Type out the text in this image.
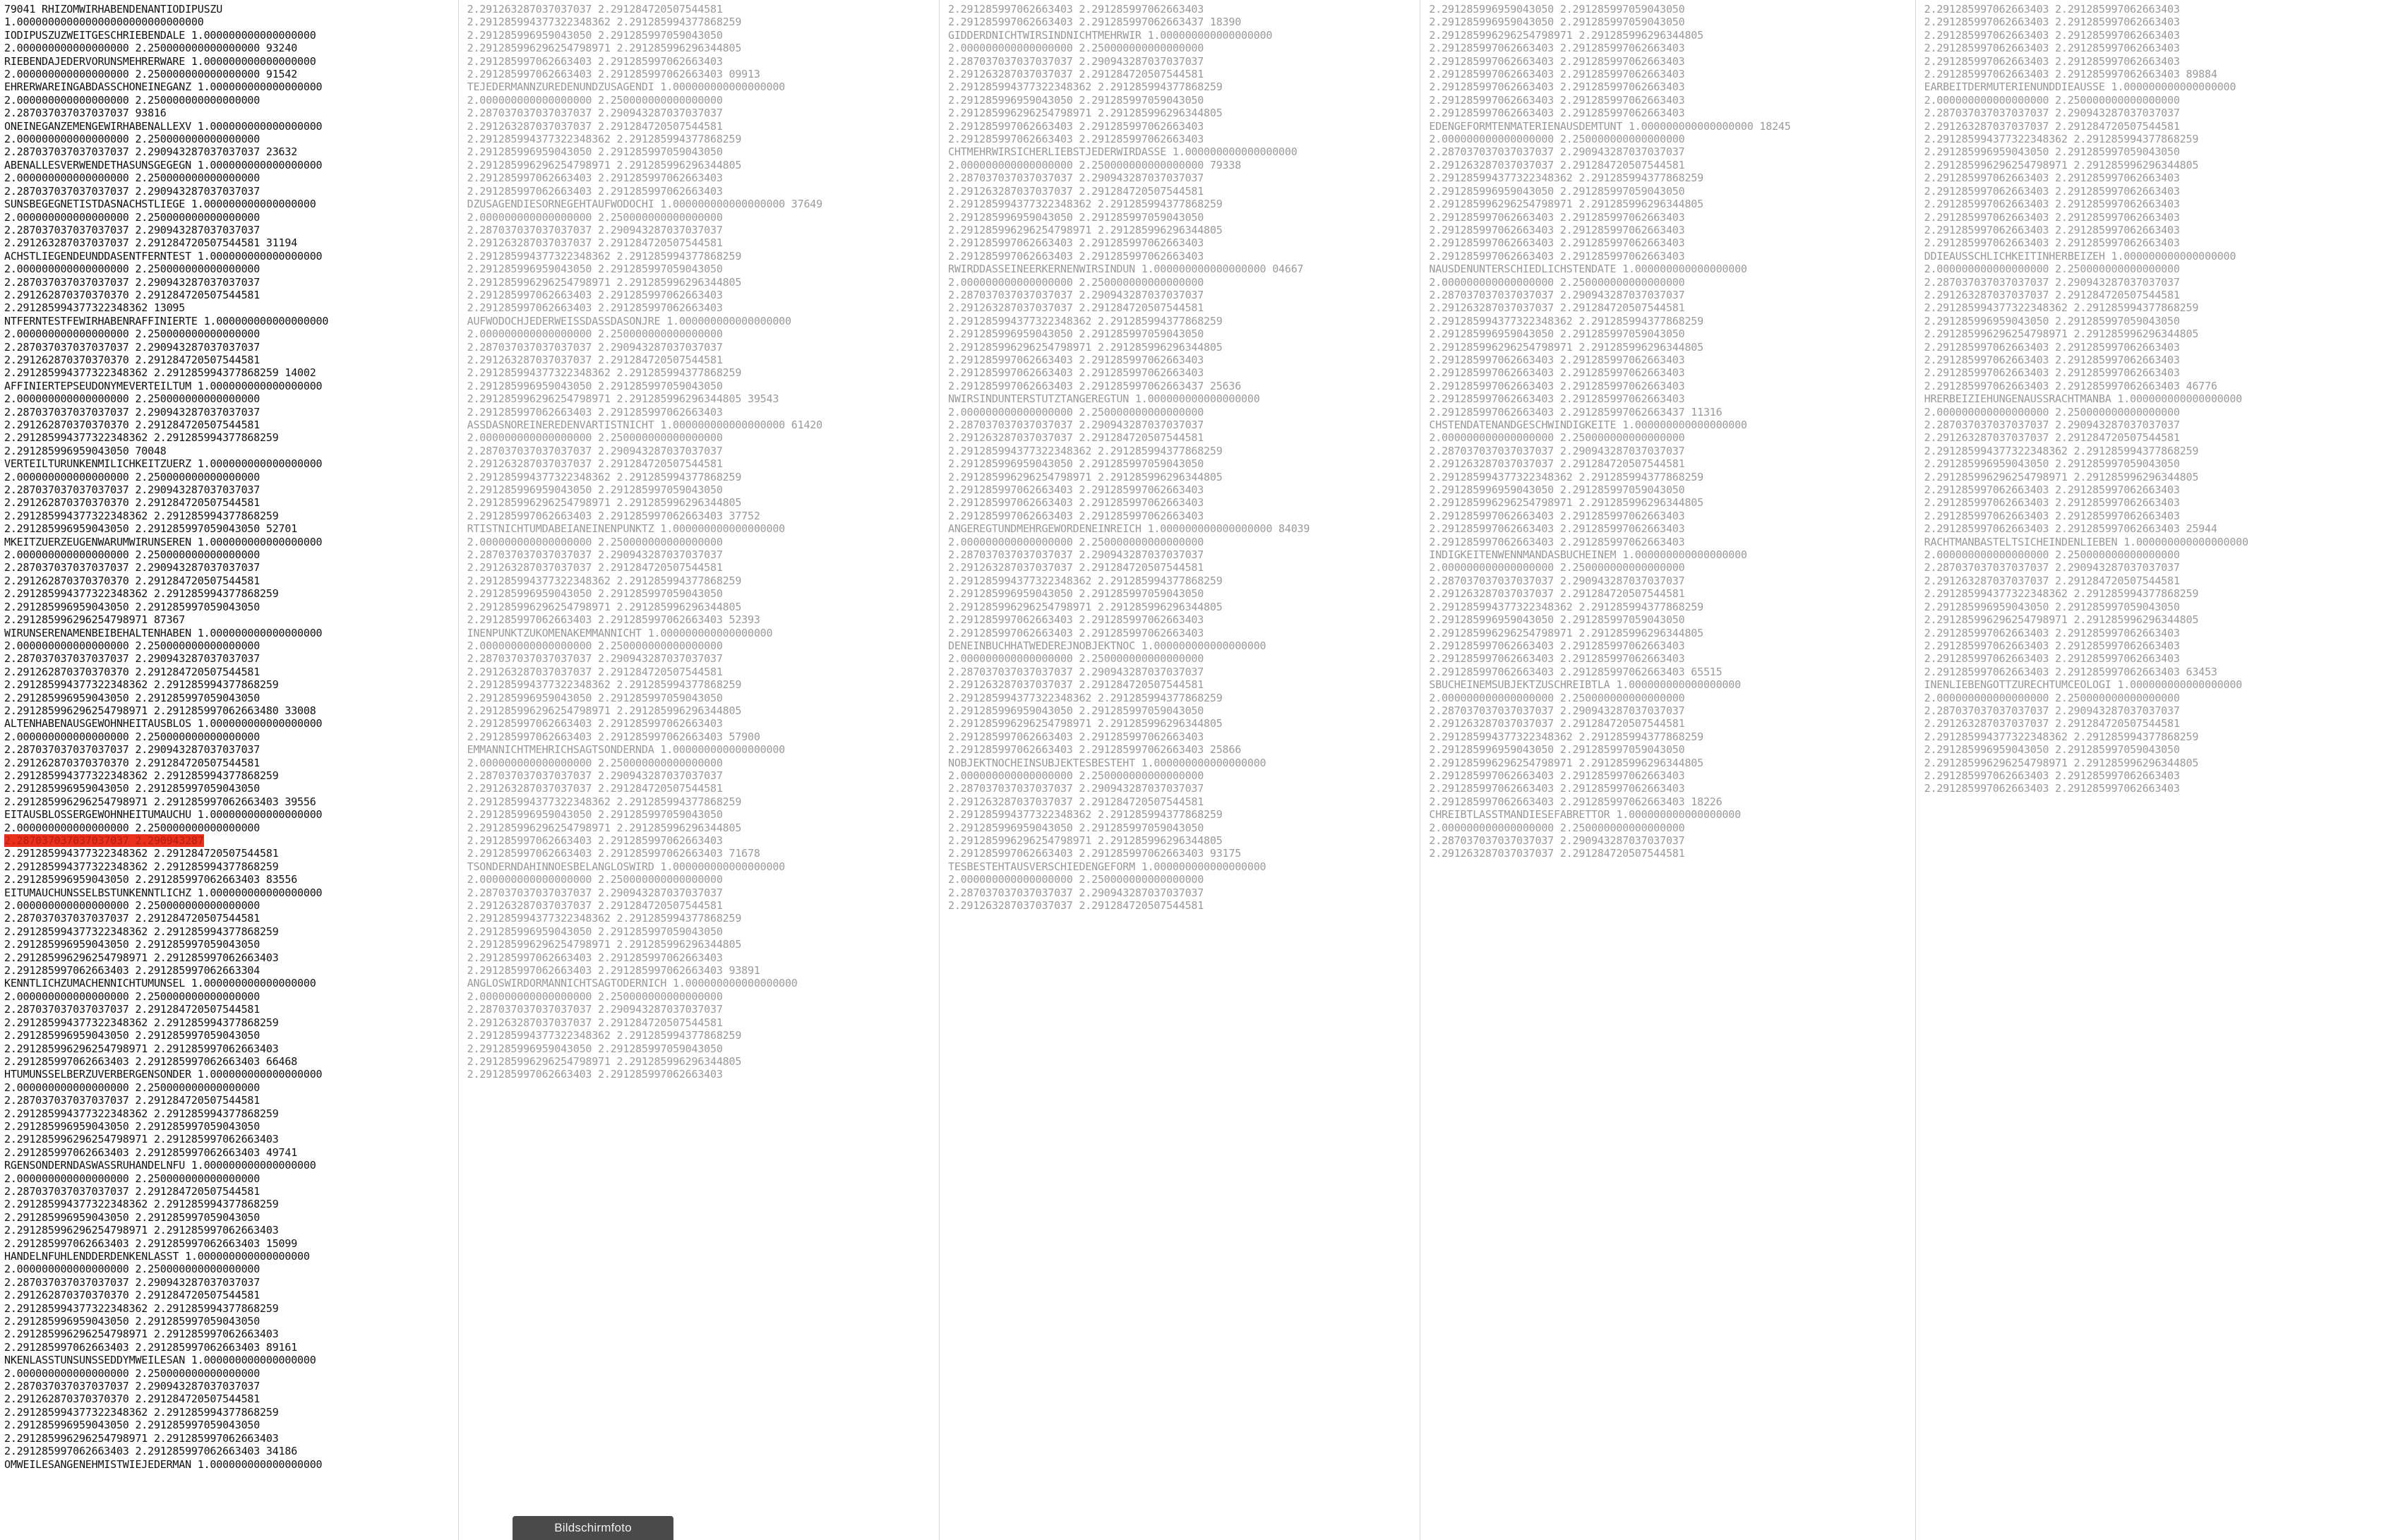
79041 RHIZOMWIRHABENDENANTIODIPUSZU
1.000000000000000000000000000000
IODIPUSZUZWEITGESCHRIEBENDALE 1.000000000000000000
2.000000000000000000 2.250000000000000000 93240
RIEBENDAJEDERVORUNSMEHRERWARE 1.000000000000000000
2.000000000000000000 2.250000000000000000 91542
EHRERWAREINGABDASSCHONEINEGANZ 1.000000000000000000
2.000000000000000000 2.250000000000000000
2.287037037037037037 93816
ONEINEGANZEMENGEWIRHABENALLEXV 1.000000000000000000
2.000000000000000000 2.250000000000000000
2.287037037037037037 2.290943287037037037 23632
ABENALLESVERWENDETHASUNSGEGEGN 1.000000000000000000
2.000000000000000000 2.250000000000000000
2.287037037037037037 2.290943287037037037
SUNSBEGEGNETISTDASNACHSTLIEGE 1.000000000000000000
2.000000000000000000 2.250000000000000000
2.287037037037037037 2.290943287037037037
2.291263287037037037 2.291284720507544581 31194
ACHSTLIEGENDEUNDDASENTFERNTEST 1.000000000000000000
2.000000000000000000 2.250000000000000000
2.287037037037037037 2.290943287037037037
2.291262870370370370 2.291284720507544581
2.291285994377322348362 13095
NTFERNTESTFEWIRHABENRAFFINIERTE 1.000000000000000000
2.000000000000000000 2.250000000000000000
2.287037037037037037 2.290943287037037037
2.291262870370370370 2.291284720507544581
2.291285994377322348362 2.291285994377868259 14002
AFFINIERTEPSEUDONYMEVERTEILTUM 1.000000000000000000
2.000000000000000000 2.250000000000000000
2.287037037037037037 2.290943287037037037
2.291262870370370370 2.291284720507544581
2.291285994377322348362 2.291285994377868259
2.291285996959043050 70048
VERTEILTURUNKENMILICHKEITZUERZ 1.000000000000000000
2.000000000000000000 2.250000000000000000
2.287037037037037037 2.290943287037037037
2.291262870370370370 2.291284720507544581
2.291285994377322348362 2.291285994377868259
2.291285996959043050 2.291285997059043050 52701
MKEITZUERZEUGENWARUMWIRUNSEREN 1.000000000000000000
2.000000000000000000 2.250000000000000000
2.287037037037037037 2.290943287037037037
2.291262870370370370 2.291284720507544581
2.291285994377322348362 2.291285994377868259
2.291285996959043050 2.291285997059043050
2.291285996296254798971 87367
WIRUNSERENAMENBEIBEHALTENHABEN 1.000000000000000000
2.000000000000000000 2.250000000000000000
2.287037037037037037 2.290943287037037037
2.291262870370370370 2.291284720507544581
2.291285994377322348362 2.291285994377868259
2.291285996959043050 2.291285997059043050
2.291285996296254798971 2.291285997062663480 33008
ALTENHABENAUSGEWOHNHEITAUSBLOS 1.000000000000000000
2.000000000000000000 2.250000000000000000
2.287037037037037037 2.290943287037037037
2.291262870370370370 2.291284720507544581
2.291285994377322348362 2.291285994377868259
2.291285996959043050 2.291285997059043050
2.291285996296254798971 2.291285997062663403 39556
EITAUSBLOSSERGEWOHNHEITUMAUCHU 1.000000000000000000
2.000000000000000000 2.250000000000000000
2.287037037037037037 2.290943287
2.291285994377322348362 2.291284720507544581
2.291285994377322348362 2.291285994377868259
2.291285996959043050 2.291285997062663403 83556
EITUMAUCHUNSSELBSTUNKENNTLICHZ 1.000000000000000000
2.000000000000000000 2.250000000000000000
2.287037037037037037 2.291284720507544581
2.291285994377322348362 2.291285994377868259
2.291285996959043050 2.291285997059043050
2.291285996296254798971 2.291285997062663403
2.291285997062663403 2.291285997062663304
KENNTLICHZUMACHENNICHTUMUNSEL 1.000000000000000000
2.000000000000000000 2.250000000000000000
2.287037037037037037 2.291284720507544581
2.291285994377322348362 2.291285994377868259
2.291285996959043050 2.291285997059043050
2.291285996296254798971 2.291285997062663403
2.291285997062663403 2.291285997062663403 66468
HTUMUNSSELBERZUVERBERGENSONDER 1.000000000000000000
2.000000000000000000 2.250000000000000000
2.287037037037037037 2.291284720507544581
2.291285994377322348362 2.291285994377868259
2.291285996959043050 2.291285997059043050
2.291285996296254798971 2.291285997062663403
2.291285997062663403 2.291285997062663403 49741
RGENSONDERNDASWASSRUHANDELNFU 1.000000000000000000
2.000000000000000000 2.250000000000000000
2.287037037037037037 2.291284720507544581
2.291285994377322348362 2.291285994377868259
2.291285996959043050 2.291285997059043050
2.291285996296254798971 2.291285997062663403
2.291285997062663403 2.291285997062663403 15099
HANDELNFUHLENDDERDENKENLASST 1.000000000000000000
2.000000000000000000 2.250000000000000000
2.287037037037037037 2.290943287037037037
2.291262870370370370 2.291284720507544581
2.291285994377322348362 2.291285994377868259
2.291285996959043050 2.291285997059043050
2.291285996296254798971 2.291285997062663403
2.291285997062663403 2.291285997062663403 89161
NKENLASSTUNSUNSSEDDYMWEILESAN 1.000000000000000000
2.000000000000000000 2.250000000000000000
2.287037037037037037 2.290943287037037037
2.291262870370370370 2.291284720507544581
2.291285994377322348362 2.291285994377868259
2.291285996959043050 2.291285997059043050
2.291285996296254798971 2.291285997062663403
2.291285997062663403 2.291285997062663403 34186
OMWEILESANGENEHMISTWIEJEDERMAN 1.000000000000000000
2.291263287037037037 2.291284720507544581
2.291285994377322348362 2.291285994377868259
2.291285996959043050 2.291285997059043050
2.291285996296254798971 2.291285996296344805
2.291285997062663403 2.291285997062663403
2.291285997062663403 2.291285997062663403 09913
TEJEDERMANNZUREDENUNDZUSAGENDI 1.000000000000000000
2.000000000000000000 2.250000000000000000
2.287037037037037037 2.290943287037037037
2.291263287037037037 2.291284720507544581
2.291285994377322348362 2.291285994377868259
2.291285996959043050 2.291285997059043050
2.291285996296254798971 2.291285996296344805
2.291285997062663403 2.291285997062663403
2.291285997062663403 2.291285997062663403
DZUSAGENDIESORNEGEHTAUFWODOCHI 1.000000000000000000 37649
2.000000000000000000 2.250000000000000000
2.287037037037037037 2.290943287037037037
2.291263287037037037 2.291284720507544581
2.291285994377322348362 2.291285994377868259
2.291285996959043050 2.291285997059043050
2.291285996296254798971 2.291285996296344805
2.291285997062663403 2.291285997062663403
2.291285997062663403 2.291285997062663403
AUFWODOCHJEDERWEISSDASSDASONJRE 1.000000000000000000
2.000000000000000000 2.250000000000000000
2.287037037037037037 2.290943287037037037
2.291263287037037037 2.291284720507544581
2.291285994377322348362 2.291285994377868259
2.291285996959043050 2.291285997059043050
2.291285996296254798971 2.291285996296344805 39543
2.291285997062663403 2.291285997062663403
ASSDASNOREINEREDENVARTISTNICHT 1.000000000000000000 61420
2.000000000000000000 2.250000000000000000
2.287037037037037037 2.290943287037037037
2.291263287037037037 2.291284720507544581
2.291285994377322348362 2.291285994377868259
2.291285996959043050 2.291285997059043050
2.291285996296254798971 2.291285996296344805
2.291285997062663403 2.291285997062663403 37752
RTISTNICHTUMDABEIANEINENPUNKTZ 1.000000000000000000
2.000000000000000000 2.250000000000000000
2.287037037037037037 2.290943287037037037
2.291263287037037037 2.291284720507544581
2.291285994377322348362 2.291285994377868259
2.291285996959043050 2.291285997059043050
2.291285996296254798971 2.291285996296344805
2.291285997062663403 2.291285997062663403 52393
INENPUNKTZUKOMENAKEMMANNICHT 1.000000000000000000
2.000000000000000000 2.250000000000000000
2.287037037037037037 2.290943287037037037
2.291263287037037037 2.291284720507544581
2.291285994377322348362 2.291285994377868259
2.291285996959043050 2.291285997059043050
2.291285996296254798971 2.291285996296344805
2.291285997062663403 2.291285997062663403
2.291285997062663403 2.291285997062663403 57900
EMMANNICHTMEHRICHSAGTSONDERNDA 1.000000000000000000
2.000000000000000000 2.250000000000000000
2.287037037037037037 2.290943287037037037
2.291263287037037037 2.291284720507544581
2.291285994377322348362 2.291285994377868259
2.291285996959043050 2.291285997059043050
2.291285996296254798971 2.291285996296344805
2.291285997062663403 2.291285997062663403
2.291285997062663403 2.291285997062663403 71678
TSONDERNDAHINNOESBELANGLOSWIRD 1.000000000000000000
2.000000000000000000 2.250000000000000000
2.287037037037037037 2.290943287037037037
2.291263287037037037 2.291284720507544581
2.291285994377322348362 2.291285994377868259
2.291285996959043050 2.291285997059043050
2.291285996296254798971 2.291285996296344805
2.291285997062663403 2.291285997062663403
2.291285997062663403 2.291285997062663403 93891
ANGLOSWIRDORMANNICHTSAGTODERNICH 1.000000000000000000
2.000000000000000000 2.250000000000000000
2.287037037037037037 2.290943287037037037
2.291263287037037037 2.291284720507544581
2.291285994377322348362 2.291285994377868259
2.291285996959043050 2.291285997059043050
2.291285996296254798971 2.291285996296344805
2.291285997062663403 2.291285997062663403
2.291285997062663403 2.291285997062663403
2.291285997062663403 2.291285997062663437 18390
GIDDERDNICHTWIRSINDNICHTMEHRWIR 1.000000000000000000
2.000000000000000000 2.250000000000000000
2.287037037037037037 2.290943287037037037
2.291263287037037037 2.291284720507544581
2.291285994377322348362 2.291285994377868259
2.291285996959043050 2.291285997059043050
2.291285996296254798971 2.291285996296344805
2.291285997062663403 2.291285997062663403
2.291285997062663403 2.291285997062663403
CHTMEHRWIRSICHERLIEBSTJEDERWIRDASSE 1.000000000000000000
2.000000000000000000 2.250000000000000000 79338
2.287037037037037037 2.290943287037037037
2.291263287037037037 2.291284720507544581
2.291285994377322348362 2.291285994377868259
2.291285996959043050 2.291285997059043050
2.291285996296254798971 2.291285996296344805
2.291285997062663403 2.291285997062663403
2.291285997062663403 2.291285997062663403
RWIRDDASSEINEERKERNENWIRSINDUN 1.000000000000000000 04667
2.000000000000000000 2.250000000000000000
2.287037037037037037 2.290943287037037037
2.291263287037037037 2.291284720507544581
2.291285994377322348362 2.291285994377868259
2.291285996959043050 2.291285997059043050
2.291285996296254798971 2.291285996296344805
2.291285997062663403 2.291285997062663403
2.291285997062663403 2.291285997062663403
2.291285997062663403 2.291285997062663437 25636
NWIRSINDUNTERSTUTZTANGEREGTUN 1.000000000000000000
2.000000000000000000 2.250000000000000000
2.287037037037037037 2.290943287037037037
2.291263287037037037 2.291284720507544581
2.291285994377322348362 2.291285994377868259
2.291285996959043050 2.291285997059043050
2.291285996296254798971 2.291285996296344805
2.291285997062663403 2.291285997062663403
2.291285997062663403 2.291285997062663403
2.291285997062663403 2.291285997062663403
ANGEREGTUNDMEHRGEWORDENEINREICH 1.000000000000000000 84039
2.000000000000000000 2.250000000000000000
2.287037037037037037 2.290943287037037037
2.291263287037037037 2.291284720507544581
2.291285994377322348362 2.291285994377868259
2.291285996959043050 2.291285997059043050
2.291285996296254798971 2.291285996296344805
2.291285997062663403 2.291285997062663403
2.291285997062663403 2.291285997062663403
DENEINBUCHHATWEDEREJNOBJEKTNOC 1.000000000000000000
2.000000000000000000 2.250000000000000000
2.287037037037037037 2.290943287037037037
2.291263287037037037 2.291284720507544581
2.291285994377322348362 2.291285994377868259
2.291285996959043050 2.291285997059043050
2.291285996296254798971 2.291285996296344805
2.291285997062663403 2.291285997062663403
2.291285997062663403 2.291285997062663403 25866
NOBJEKTNOCHEINSUBJEKTESBESTEHT 1.000000000000000000
2.000000000000000000 2.250000000000000000
2.287037037037037037 2.290943287037037037
2.291263287037037037 2.291284720507544581
2.291285994377322348362 2.291285994377868259
2.291285996959043050 2.291285997059043050
2.291285996296254798971 2.291285996296344805
2.291285997062663403 2.291285997062663403 93175
TESBESTEHTAUSVERSCHIEDENGEFORM 1.000000000000000000
2.000000000000000000 2.250000000000000000
2.287037037037037037 2.290943287037037037
2.291263287037037037 2.291284720507544581
2.291285996959043050 2.291285997059043050
2.291285996959043050 2.291285997059043050
2.291285996296254798971 2.291285996296344805
2.291285997062663403 2.291285997062663403
2.291285997062663403 2.291285997062663403
2.291285997062663403 2.291285997062663403
2.291285997062663403 2.291285997062663403
2.291285997062663403 2.291285997062663403
2.291285997062663403 2.291285997062663403
EDENGEFORMTENMATERIENAUSDEMTUNT 1.000000000000000000 18245
2.000000000000000000 2.250000000000000000
2.287037037037037037 2.290943287037037037
2.291263287037037037 2.291284720507544581
2.291285994377322348362 2.291285994377868259
2.291285996959043050 2.291285997059043050
2.291285996296254798971 2.291285996296344805
2.291285997062663403 2.291285997062663403
2.291285997062663403 2.291285997062663403
2.291285997062663403 2.291285997062663403
2.291285997062663403 2.291285997062663403
NAUSDENUNTERSCHIEDLICHSTENDATE 1.000000000000000000
2.000000000000000000 2.250000000000000000
2.287037037037037037 2.290943287037037037
2.291263287037037037 2.291284720507544581
2.291285994377322348362 2.291285994377868259
2.291285996959043050 2.291285997059043050
2.291285996296254798971 2.291285996296344805
2.291285997062663403 2.291285997062663403
2.291285997062663403 2.291285997062663403
2.291285997062663403 2.291285997062663403
2.291285997062663403 2.291285997062663403
2.291285997062663403 2.291285997062663437 11316
CHSTENDATENANDGESCHWINDIGKEITE 1.000000000000000000
2.000000000000000000 2.250000000000000000
2.287037037037037037 2.290943287037037037
2.291263287037037037 2.291284720507544581
2.291285994377322348362 2.291285994377868259
2.291285996959043050 2.291285997059043050
2.291285996296254798971 2.291285996296344805
2.291285997062663403 2.291285997062663403
2.291285997062663403 2.291285997062663403
2.291285997062663403 2.291285997062663403
INDIGKEITENWENNMANDASBUCHEINEM 1.000000000000000000
2.000000000000000000 2.250000000000000000
2.287037037037037037 2.290943287037037037
2.291263287037037037 2.291284720507544581
2.291285994377322348362 2.291285994377868259
2.291285996959043050 2.291285997059043050
2.291285996296254798971 2.291285996296344805
2.291285997062663403 2.291285997062663403
2.291285997062663403 2.291285997062663403
2.291285997062663403 2.291285997062663403 65515
SBUCHEINEMSUBJEKTZUSCHREIBTLA 1.000000000000000000
2.000000000000000000 2.250000000000000000
2.287037037037037037 2.290943287037037037
2.291263287037037037 2.291284720507544581
2.291285994377322348362 2.291285994377868259
2.291285996959043050 2.291285997059043050
2.291285996296254798971 2.291285996296344805
2.291285997062663403 2.291285997062663403
2.291285997062663403 2.291285997062663403
2.291285997062663403 2.291285997062663403 18226
CHREIBTLASSTMANDIESEFABRETTOR 1.000000000000000000
2.000000000000000000 2.250000000000000000
2.287037037037037037 2.290943287037037037
2.291263287037037037 2.291284720507544581
2.291285997062663403 2.291285997062663403
2.291285997062663403 2.291285997062663403
2.291285997062663403 2.291285997062663403
2.291285997062663403 2.291285997062663403
2.291285997062663403 2.291285997062663403
2.291285997062663403 2.291285997062663403 89884
EARBEITDERMUTERIENUNDDIEAUSSE 1.000000000000000000
2.000000000000000000 2.250000000000000000
2.287037037037037037 2.290943287037037037
2.291263287037037037 2.291284720507544581
2.291285994377322348362 2.291285994377868259
2.291285996959043050 2.291285997059043050
2.291285996296254798971 2.291285996296344805
2.291285997062663403 2.291285997062663403
2.291285997062663403 2.291285997062663403
2.291285997062663403 2.291285997062663403
2.291285997062663403 2.291285997062663403
2.291285997062663403 2.291285997062663403
2.291285997062663403 2.291285997062663403
DDIEAUSSCHLICHKEITINHERBEIZEH 1.000000000000000000
2.000000000000000000 2.250000000000000000
2.287037037037037037 2.290943287037037037
2.291263287037037037 2.291284720507544581
2.291285994377322348362 2.291285994377868259
2.291285996959043050 2.291285997059043050
2.291285996296254798971 2.291285996296344805
2.291285997062663403 2.291285997062663403
2.291285997062663403 2.291285997062663403
2.291285997062663403 2.291285997062663403
2.291285997062663403 2.291285997062663403 46776
HRERBEIZIEHUNGENAUSSRACHTMANBA 1.000000000000000000
2.000000000000000000 2.250000000000000000
2.287037037037037037 2.290943287037037037
2.291263287037037037 2.291284720507544581
2.291285994377322348362 2.291285994377868259
2.291285996959043050 2.291285997059043050
2.291285996296254798971 2.291285996296344805
2.291285997062663403 2.291285997062663403
2.291285997062663403 2.291285997062663403
2.291285997062663403 2.291285997062663403
2.291285997062663403 2.291285997062663403 25944
RACHTMANBASTELTSICHEINDENLIEBEN 1.000000000000000000
2.000000000000000000 2.250000000000000000
2.287037037037037037 2.290943287037037037
2.291263287037037037 2.291284720507544581
2.291285994377322348362 2.291285994377868259
2.291285996959043050 2.291285997059043050
2.291285996296254798971 2.291285996296344805
2.291285997062663403 2.291285997062663403
2.291285997062663403 2.291285997062663403
2.291285997062663403 2.291285997062663403
2.291285997062663403 2.291285997062663403 63453
INENLIEBENGOTTZURECHTUMCEOLOGI 1.000000000000000000
2.000000000000000000 2.250000000000000000
2.287037037037037037 2.290943287037037037
2.291263287037037037 2.291284720507544581
2.291285994377322348362 2.291285994377868259
2.291285996959043050 2.291285997059043050
2.291285996296254798971 2.291285996296344805
2.291285997062663403 2.291285997062663403
2.291285997062663403 2.291285997062663403
Bildschirmfoto
